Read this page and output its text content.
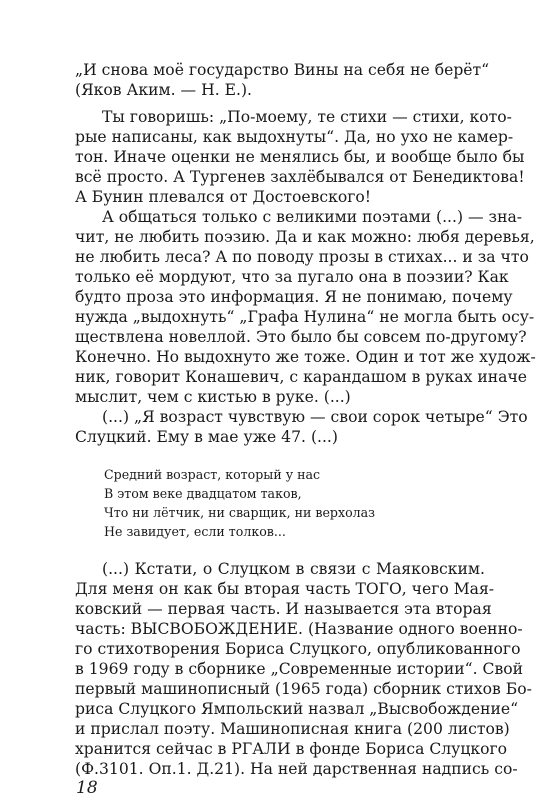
„И снова моё государство Вины на себя не берёт“
(Яков Аким. — Н. Е.).
Ты говоришь: „По-моему, те стихи — стихи, кото-
рые написаны, как выдохнуты“. Да, но ухо не камер-
тон. Иначе оценки не менялись бы, и вообще было бы
всё просто. А Тургенев захлёбывался от Бенедиктова!
А Бунин плевался от Достоевского!
А общаться только с великими поэтами (...) — зна-
чит, не любить поэзию. Да и как можно: любя деревья,
не любить леса? А по поводу прозы в стихах... и за что
только её мордуют, что за пугало она в поэзии? Как
будто проза это информация. Я не понимаю, почему
нужда „выдохнуть“ „Графа Нулина“ не могла быть осу-
ществлена новеллой. Это было бы совсем по-другому?
Конечно. Но выдохнуто же тоже. Один и тот же худож-
ник, говорит Конашевич, с карандашом в руках иначе
мыслит, чем с кистью в руке. (...)
(...) „Я возраст чувствую — свои сорок четыре“ Это
Слуцкий. Ему в мае уже 47. (...)
Средний возраст, который у нас
В этом веке двадцатом таков,
Что ни лётчик, ни сварщик, ни верхолаз
Не завидует, если толков...
(...) Кстати, о Слуцком в связи с Маяковским.
Для меня он как бы вторая часть ТОГО, чего Мая-
ковский — первая часть. И называется эта вторая
часть: ВЫСВОБОЖДЕНИЕ. (Название одного военно-
го стихотворения Бориса Слуцкого, опубликованного
в 1969 году в сборнике „Современные истории“. Свой
первый машинописный (1965 года) сборник стихов Бо-
риса Слуцкого Ямпольский назвал „Высвобождение“
и прислал поэту. Машинописная книга (200 листов)
хранится сейчас в РГАЛИ в фонде Бориса Слуцкого
(Ф.3101. Оп.1. Д.21). На ней дарственная надпись со-
18
